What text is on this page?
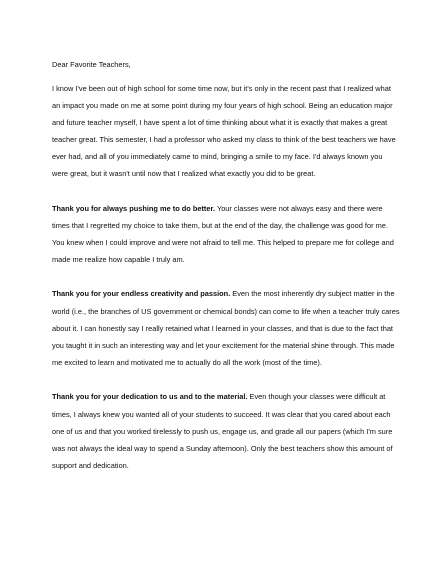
Dear Favorite Teachers,

I know I've been out of high school for some time now, but it's only in the recent past that I realized what an impact you made on me at some point during my four years of high school. Being an education major and future teacher myself, I have spent a lot of time thinking about what it is exactly that makes a great teacher great. This semester, I had a professor who asked my class to think of the best teachers we have ever had, and all of you immediately came to mind, bringing a smile to my face. I'd always known you were great, but it wasn't until now that I realized what exactly you did to be great.

Thank you for always pushing me to do better. Your classes were not always easy and there were times that I regretted my choice to take them, but at the end of the day, the challenge was good for me. You knew when I could improve and were not afraid to tell me. This helped to prepare me for college and made me realize how capable I truly am.

Thank you for your endless creativity and passion. Even the most inherently dry subject matter in the world (i.e., the branches of US government or chemical bonds) can come to life when a teacher truly cares about it. I can honestly say I really retained what I learned in your classes, and that is due to the fact that you taught it in such an interesting way and let your excitement for the material shine through. This made me excited to learn and motivated me to actually do all the work (most of the time).

Thank you for your dedication to us and to the material. Even though your classes were difficult at times, I always knew you wanted all of your students to succeed. It was clear that you cared about each one of us and that you worked tirelessly to push us, engage us, and grade all our papers (which I'm sure was not always the ideal way to spend a Sunday afternoon). Only the best teachers show this amount of support and dedication.
